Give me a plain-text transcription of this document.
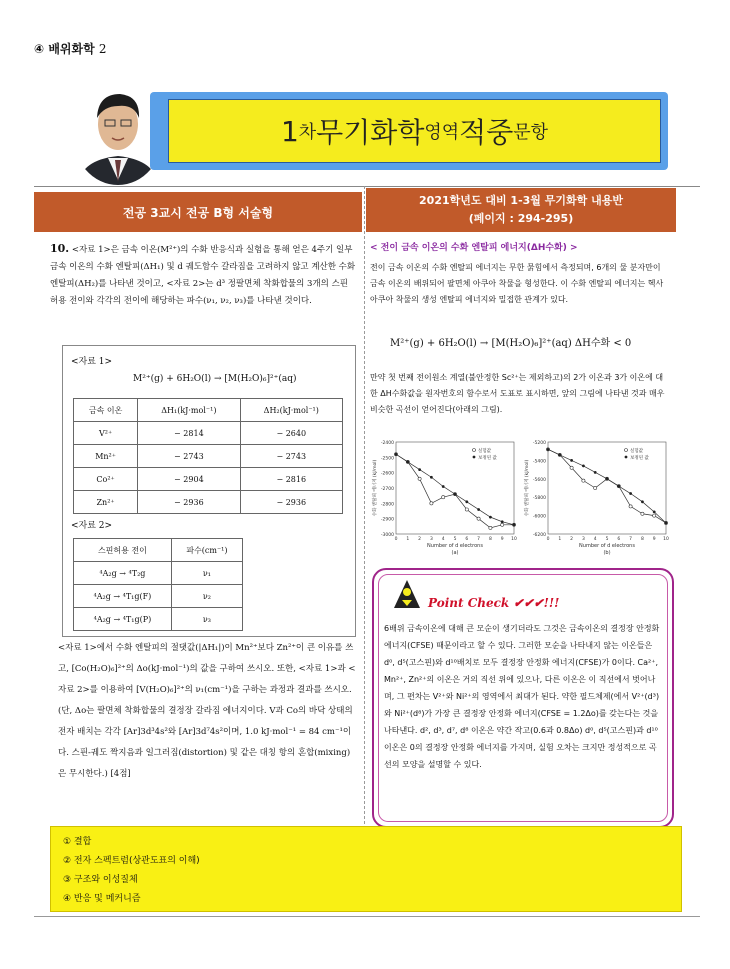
④ 배위화학 2
1 차 무기화학 영역 적중 문항
전공 3교시 전공 B형 서술형
2021학년도 대비 1-3월 무기화학 내용반
(페이지 : 294-295)
10. <자료 1>은 금속 이온(M²⁺)의 수화 반응식과 실험을 통해 얻은 4주기 일부 금속 이온의 수화 엔탈피(ΔH₁) 및 d 궤도함수 갈라짐을 고려하지 않고 계산한 수화 엔탈피(ΔH₂)를 나타낸 것이고, <자료 2>는 d³ 정팔면체 착화합물의 3개의 스핀허용 전이와 각각의 전이에 해당하는 파수(ν₁, ν₂, ν₃)를 나타낸 것이다.
<자료 1>
M²⁺(g) + 6H₂O(l) → [M(H₂O)₆]²⁺(aq)
금속 이온	ΔH₁(kJ·mol⁻¹)	ΔH₂(kJ·mol⁻¹)
V²⁺	− 2814	− 2640
Mn²⁺	− 2743	− 2743
Co²⁺	− 2904	− 2816
Zn²⁺	− 2936	− 2936
<자료 2>
스핀허용 전이	파수(cm⁻¹)
⁴A₂g → ⁴T₂g	ν₁
⁴A₂g → ⁴T₁g(F)	ν₂
⁴A₂g → ⁴T₁g(P)	ν₃
<자료 1>에서 수화 엔탈피의 절댓값(|ΔH₁|)이 Mn²⁺보다 Zn²⁺이 큰 이유를 쓰고, [Co(H₂O)₆]²⁺의 Δo(kJ·mol⁻¹)의 값을 구하여 쓰시오. 또한, <자료 1>과 <자료 2>를 이용하여 [V(H₂O)₆]²⁺의 ν₁(cm⁻¹)을 구하는 과정과 결과를 쓰시오. (단, Δo는 팔면체 착화합물의 결정장 갈라짐 에너지이다. V과 Co의 바닥 상태의 전자 배치는 각각 [Ar]3d³4s²와 [Ar]3d⁷4s²이며, 1.0 kJ·mol⁻¹ = 84 cm⁻¹이다. 스핀-궤도 짝지음과 일그러짐(distortion) 및 같은 대칭 항의 혼합(mixing)은 무시한다.) [4점]
< 전이 금속 이온의 수화 엔탈피 에너지(ΔH수화) >
전이 금속 이온의 수화 엔탈피 에너지는 무한 묽힘에서 측정되며, 6개의 물 분자만이 금속 이온의 배위되어 팔면체 아쿠아 착물을 형성한다. 이 수화 엔탈피 에너지는 헥사아쿠아 착물의 생성 엔탈피 에너지와 밀접한 관계가 있다.
M²⁺(g) + 6H₂O(l) → [M(H₂O)₆]²⁺(aq) ΔH수화 < 0
만약 첫 번째 전이원소 계열(불안정한 Sc²⁺는 제외하고)의 2가 이온과 3가 이온에 대한 ΔH수화값을 원자번호의 함수로서 도표로 표시하면, 앞의 그림에 나타낸 것과 매우 비슷한 곡선이 얻어진다(아래의 그림).
-2400
-2500
-2600
-2700
-2800
-2900
-3000
0 1 2 3 4 5 6 7 8 9 10
Number of d electrons
(a)
수화 엔탈피 에너지 (kJ/mol)
실험값
보정된 값
-5200
-5400
-5600
-5800
-6000
-6200
0 1 2 3 4 5 6 7 8 9 10
Number of d electrons
(b)
수화 엔탈피 에너지 (kJ/mol)
실험값
보정된 값
Point Check ✔✔✔!!!
6배위 금속이온에 대해 큰 모순이 생기더라도 그것은 금속이온의 결정장 안정화 에너지(CFSE) 때문이라고 할 수 있다. 그러한 모순을 나타내지 않는 이온들은 d⁰, d⁵(고스핀)와 d¹⁰배치로 모두 결정장 안정화 에너지(CFSE)가 0이다. Ca²⁺, Mn²⁺, Zn²⁺의 이온은 거의 직선 위에 있으나, 다른 이온은 이 직선에서 벗어나며, 그 편차는 V²⁺와 Ni²⁺의 영역에서 최대가 된다. 약한 필드체제(에서 V²⁺(d³)와 Ni²⁺(d⁸)가 가장 큰 결정장 안정화 에너지(CFSE = 1.2Δo)를 갖는다는 것을 나타낸다. d², d³, d⁷, d⁸ 이온은 약간 작고(0.6과 0.8Δo) d⁰, d⁵(고스핀)과 d¹⁰ 이온은 0의 결정장 안정화 에너지를 가지며, 실험 오차는 크지만 정성적으로 곡선의 모양을 설명할 수 있다.
① 결합
② 전자 스펙트럼(상관도표의 이해)
③ 구조와 이성질체
④ 반응 및 메커니즘
